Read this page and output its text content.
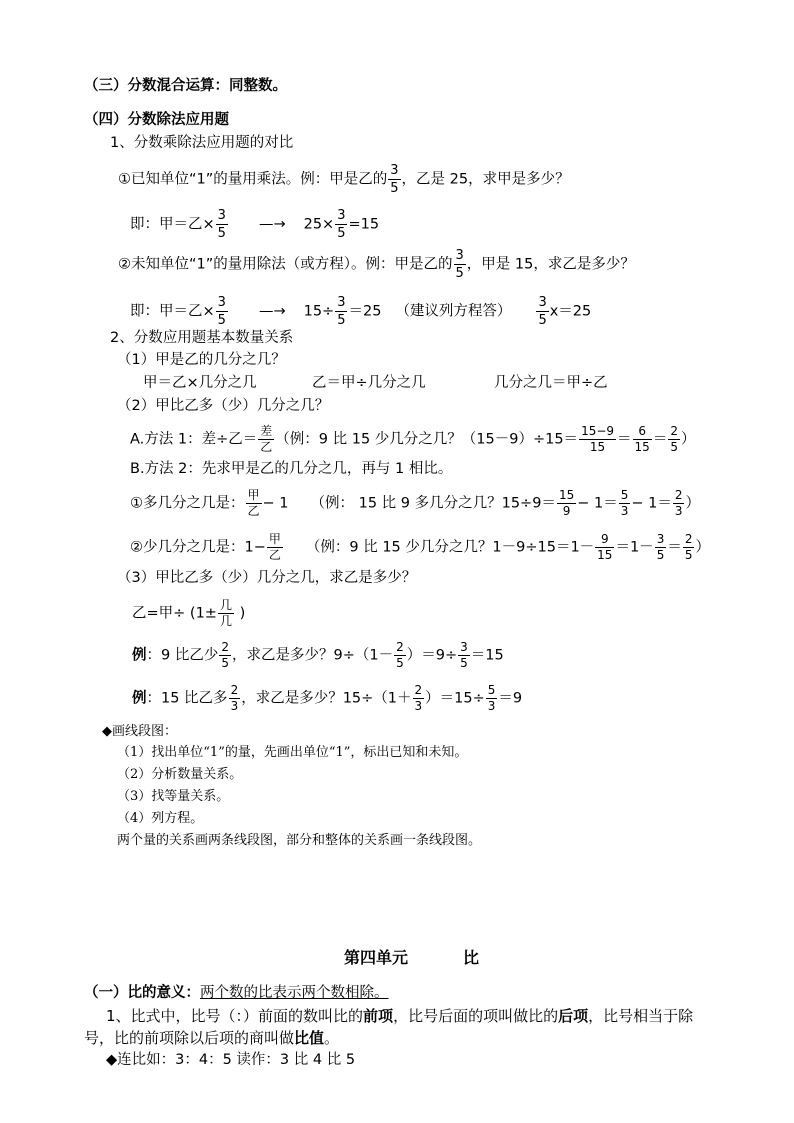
（三）分数混合运算：同整数。
（四）分数除法应用题
1、分数乘除法应用题的对比
①已知单位“1”的量用乘法。例：甲是乙的 $\frac{3}{5}$ ，乙是 25，求甲是多少？
即：甲＝乙× $\frac{3}{5}$ —→ $25\times \frac{3}{5} =15$
②未知单位“1”的量用除法（或方程）。例：甲是乙的 $\frac{3}{5}$ ，甲是 15，求乙是多少？
即：甲＝乙× $\frac{3}{5}$ —→ $15\div \frac{3}{5} =25$ （建议列方程答） $\frac{3}{5} x=25$
2、分数应用题基本数量关系
（1）甲是乙的几分之几？
甲＝乙×几分之几	乙＝甲÷几分之几	几分之几＝甲÷乙
（2）甲比乙多（少）几分之几？
A.方法 1：差÷乙＝ $\frac{\text{差}}{\text{乙}}$ （例：9 比 15 少几分之几？$(15-9)\div 15= \frac{15-9}{15} = \frac{6}{15} = \frac{2}{5}$ ）
B.方法 2：先求甲是乙的几分之几，再与 1 相比。
①多几分之几是： $\frac{\text{甲}}{\text{乙}} - 1$ （例： 15 比 9 多几分之几？$15\div 9= \frac{15}{9} - 1= \frac{5}{3} - 1= \frac{2}{3}$ ）
②少几分之几是：$1- \frac{\text{甲}}{\text{乙}}$ （例：9 比 15 少几分之几？$1-9\div 15=1- \frac{9}{15} =1- \frac{3}{5} = \frac{2}{5}$ ）
（3）甲比乙多（少）几分之几，求乙是多少？
乙=甲÷ ($1\pm \frac{\text{几}}{\text{几}}$ )
例：9 比乙少 $\frac{2}{5}$ ，求乙是多少？$9\div(1- \frac{2}{5} )=9\div \frac{3}{5} =15$
例：15 比乙多 $\frac{2}{3}$ ，求乙是多少？$15\div(1+ \frac{2}{3} )=15\div \frac{5}{3} =9$
◆画线段图：
（1）找出单位“1”的量，先画出单位“1”，标出已知和未知。
（2）分析数量关系。
（3）找等量关系。
（4）列方程。
两个量的关系画两条线段图，部分和整体的关系画一条线段图。
第四单元	比
（一）比的意义：两个数的比表示两个数相除。
1、比式中，比号（：）前面的数叫比的前项，比号后面的项叫做比的后项，比号相当于除
号，比的前项除以后项的商叫做比值。
◆连比如：3：4：5 读作：3 比 4 比 5
